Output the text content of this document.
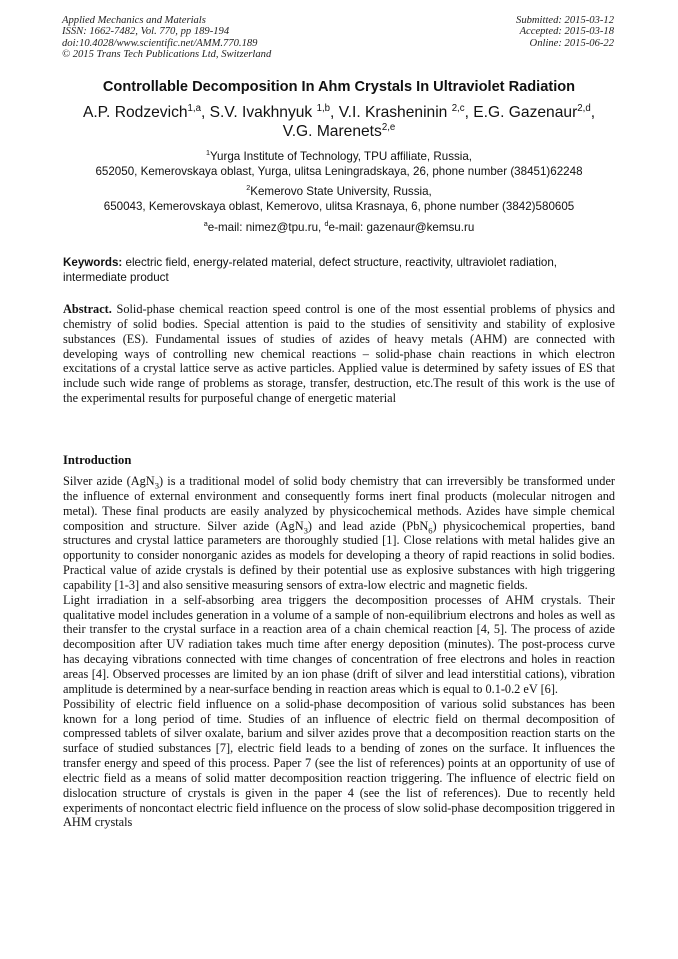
Applied Mechanics and Materials
ISSN: 1662-7482, Vol. 770, pp 189-194
doi:10.4028/www.scientific.net/AMM.770.189
© 2015 Trans Tech Publications Ltd, Switzerland
Submitted: 2015-03-12
Accepted: 2015-03-18
Online: 2015-06-22
Controllable Decomposition In Ahm Crystals In Ultraviolet Radiation
A.P. Rodzevich$^{1,a}$, S.V. Ivakhnyuk $^{1,b}$, V.I. Krasheninin $^{2,c}$, E.G. Gazenaur$^{2,d}$,
V.G. Marenets$^{2,e}$
$^1$Yurga Institute of Technology, TPU affiliate, Russia,
652050, Kemerovskaya oblast, Yurga, ulitsa Leningradskaya, 26, phone number (38451)62248
$^2$Kemerovo State University, Russia,
650043, Kemerovskaya oblast, Kemerovo, ulitsa Krasnaya, 6, phone number (3842)580605
$^a$e-mail: nimez@tpu.ru, $^d$e-mail: gazenaur@kemsu.ru
Keywords: electric field, energy-related material, defect structure, reactivity, ultraviolet radiation, intermediate product

Abstract. Solid-phase chemical reaction speed control is one of the most essential problems of physics and chemistry of solid bodies. Special attention is paid to the studies of sensitivity and stability of explosive substances (ES). Fundamental issues of studies of azides of heavy metals (AHM) are connected with developing ways of controlling new chemical reactions – solid-phase chain reactions in which electron excitations of a crystal lattice serve as active particles. Applied value is determined by safety issues of ES that include such wide range of problems as storage, transfer, destruction, etc.The result of this work is the use of the experimental results for purposeful change of energetic material

Introduction

Silver azide (AgN$_3$) is a traditional model of solid body chemistry that can irreversibly be transformed under the influence of external environment and consequently forms inert final products (molecular nitrogen and metal). These final products are easily analyzed by physicochemical methods. Azides have simple chemical composition and structure. Silver azide (AgN$_3$) and lead azide (PbN$_6$) physicochemical properties, band structures and crystal lattice parameters are thoroughly studied [1]. Close relations with metal halides give an opportunity to consider nonorganic azides as models for developing a theory of rapid reactions in solid bodies. Practical value of azide crystals is defined by their potential use as explosive substances with high triggering capability [1-3] and also sensitive measuring sensors of extra-low electric and magnetic fields.

Light irradiation in a self-absorbing area triggers the decomposition processes of AHM crystals. Their qualitative model includes generation in a volume of a sample of non-equilibrium electrons and holes as well as their transfer to the crystal surface in a reaction area of a chain chemical reaction [4, 5]. The process of azide decomposition after UV radiation takes much time after energy deposition (minutes). The post-process curve has decaying vibrations connected with time changes of concentration of free electrons and holes in reaction areas [4]. Observed processes are limited by an ion phase (drift of silver and lead interstitial cations), vibration amplitude is determined by a near-surface bending in reaction areas which is equal to 0.1-0.2 eV [6].

Possibility of electric field influence on a solid-phase decomposition of various solid substances has been known for a long period of time. Studies of an influence of electric field on thermal decomposition of compressed tablets of silver oxalate, barium and silver azides prove that a decomposition reaction starts on the surface of studied substances [7], electric field leads to a bending of zones on the surface. It influences the transfer energy and speed of this process. Paper 7 (see the list of references) points at an opportunity of use of electric field as a means of solid matter decomposition reaction triggering. The influence of electric field on dislocation structure of crystals is given in the paper 4 (see the list of references). Due to recently held experiments of noncontact electric field influence on the process of slow solid-phase decomposition triggered in AHM crystals
